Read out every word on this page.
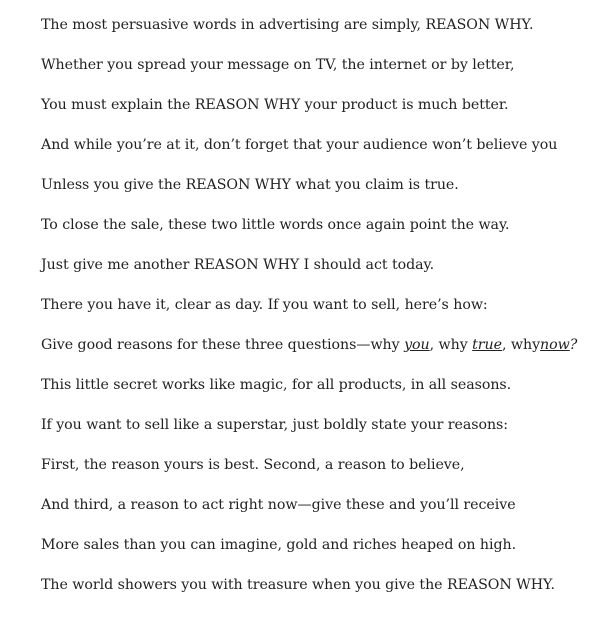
The most persuasive words in advertising are simply, REASON WHY.
Whether you spread your message on TV, the internet or by letter,
You must explain the REASON WHY your product is much better.
And while you’re at it, don’t forget that your audience won’t believe you
Unless you give the REASON WHY what you claim is true.
To close the sale, these two little words once again point the way.
Just give me another REASON WHY I should act today.
There you have it, clear as day. If you want to sell, here’s how:
Give good reasons for these three questions—why you, why true, whynow?
This little secret works like magic, for all products, in all seasons.
If you want to sell like a superstar, just boldly state your reasons:
First, the reason yours is best. Second, a reason to believe,
And third, a reason to act right now—give these and you’ll receive
More sales than you can imagine, gold and riches heaped on high.
The world showers you with treasure when you give the REASON WHY.
